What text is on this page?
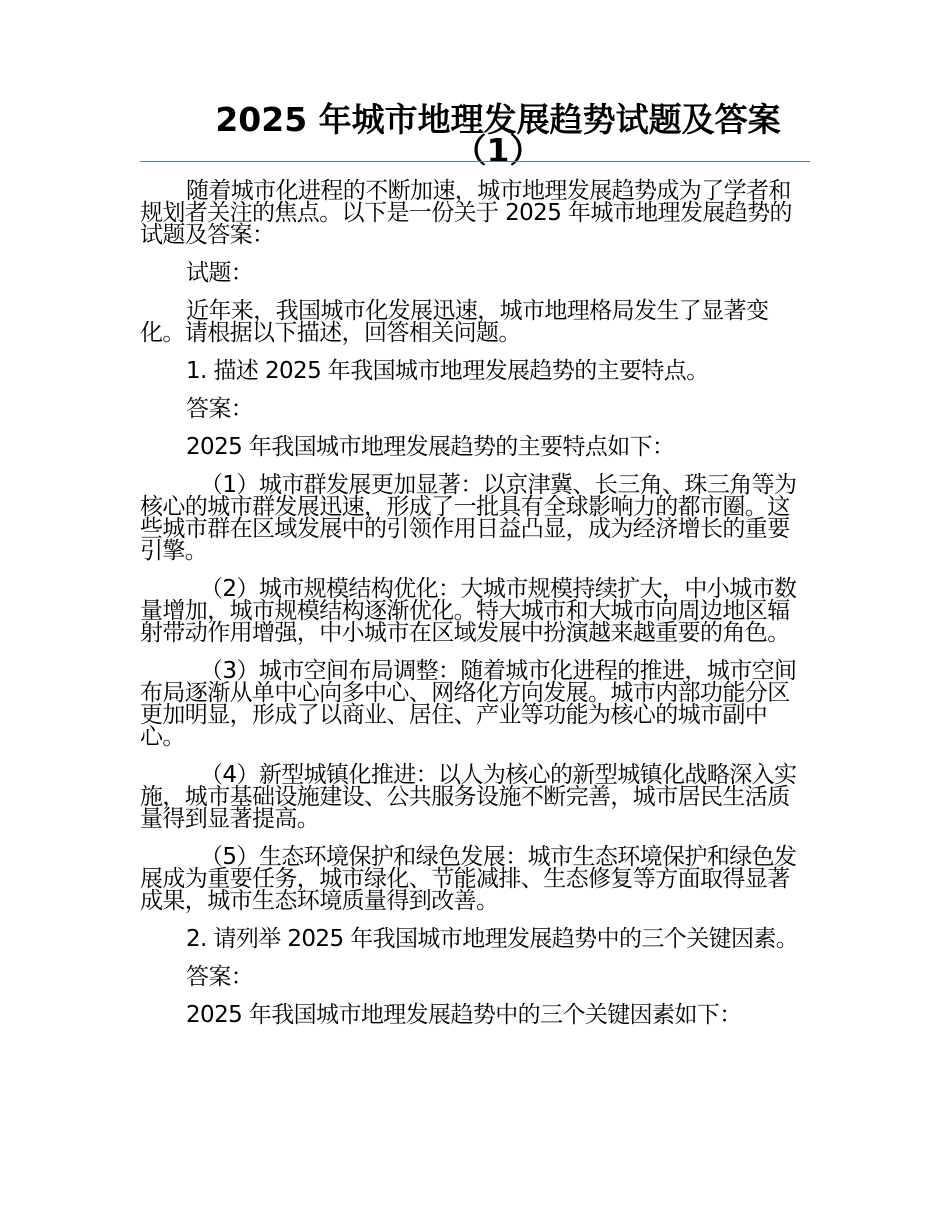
2025 年城市地理发展趋势试题及答案（1）

随着城市化进程的不断加速，城市地理发展趋势成为了学者和规划者关注的焦点。以下是一份关于 2025 年城市地理发展趋势的试题及答案：

试题：

近年来，我国城市化发展迅速，城市地理格局发生了显著变化。请根据以下描述，回答相关问题。

1. 描述 2025 年我国城市地理发展趋势的主要特点。

答案：

2025 年我国城市地理发展趋势的主要特点如下：

（1）城市群发展更加显著：以京津冀、长三角、珠三角等为核心的城市群发展迅速，形成了一批具有全球影响力的都市圈。这些城市群在区域发展中的引领作用日益凸显，成为经济增长的重要引擎。

（2）城市规模结构优化：大城市规模持续扩大，中小城市数量增加，城市规模结构逐渐优化。特大城市和大城市向周边地区辐射带动作用增强，中小城市在区域发展中扮演越来越重要的角色。

（3）城市空间布局调整：随着城市化进程的推进，城市空间布局逐渐从单中心向多中心、网络化方向发展。城市内部功能分区更加明显，形成了以商业、居住、产业等功能为核心的城市副中心。

（4）新型城镇化推进：以人为核心的新型城镇化战略深入实施，城市基础设施建设、公共服务设施不断完善，城市居民生活质量得到显著提高。

（5）生态环境保护和绿色发展：城市生态环境保护和绿色发展成为重要任务，城市绿化、节能减排、生态修复等方面取得显著成果，城市生态环境质量得到改善。

2. 请列举 2025 年我国城市地理发展趋势中的三个关键因素。

答案：

2025 年我国城市地理发展趋势中的三个关键因素如下：
